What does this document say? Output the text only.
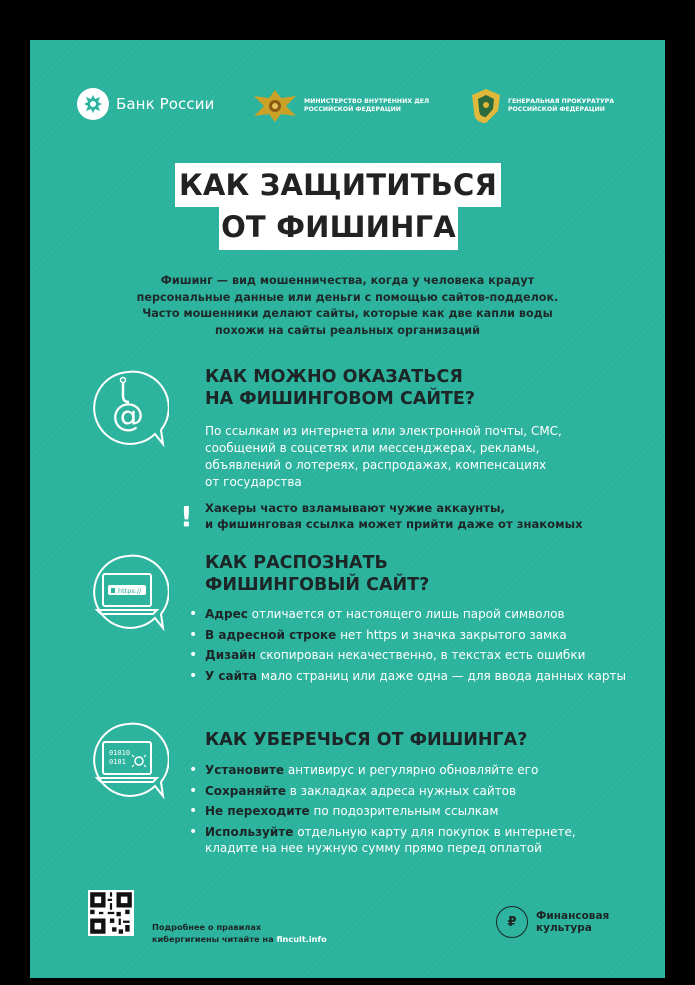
Банк России	МИНИСТЕРСТВО ВНУТРЕННИХ ДЕЛ РОССИЙСКОЙ ФЕДЕРАЦИИ
ГЕНЕРАЛЬНАЯ ПРОКУРАТУРА РОССИЙСКОЙ ФЕДЕРАЦИИ
КАК ЗАЩИТИТЬСЯ
ОТ ФИШИНГА
Фишинг — вид мошенничества, когда у человека крадут
персональные данные или деньги с помощью сайтов-подделок.
Часто мошенники делают сайты, которые как две капли воды
похожи на сайты реальных организаций
@
КАК МОЖНО ОКАЗАТЬСЯ
НА ФИШИНГОВОМ САЙТЕ?
По ссылкам из интернета или электронной почты, СМС,
сообщений в соцсетях или мессенджерах, рекламы,
объявлений о лотереях, распродажах, компенсациях
от государства
! Хакеры часто взламывают чужие аккаунты,
и фишинговая ссылка может прийти даже от знакомых
https://
КАК РАСПОЗНАТЬ
ФИШИНГОВЫЙ САЙТ?
• Адрес отличается от настоящего лишь парой символов
• В адресной строке нет https и значка закрытого замка
• Дизайн скопирован некачественно, в текстах есть ошибки
• У сайта мало страниц или даже одна — для ввода данных карты
01010
0101
КАК УБЕРЕЧЬСЯ ОТ ФИШИНГА?
• Установите антивирус и регулярно обновляйте его
• Сохраняйте в закладках адреса нужных сайтов
• Не переходите по подозрительным ссылкам
• Используйте отдельную карту для покупок в интернете, кладите на нее нужную сумму прямо перед оплатой
Подробнее о правилах
кибергигиены читайте на fincult.info
₽	Финансовая
культура
